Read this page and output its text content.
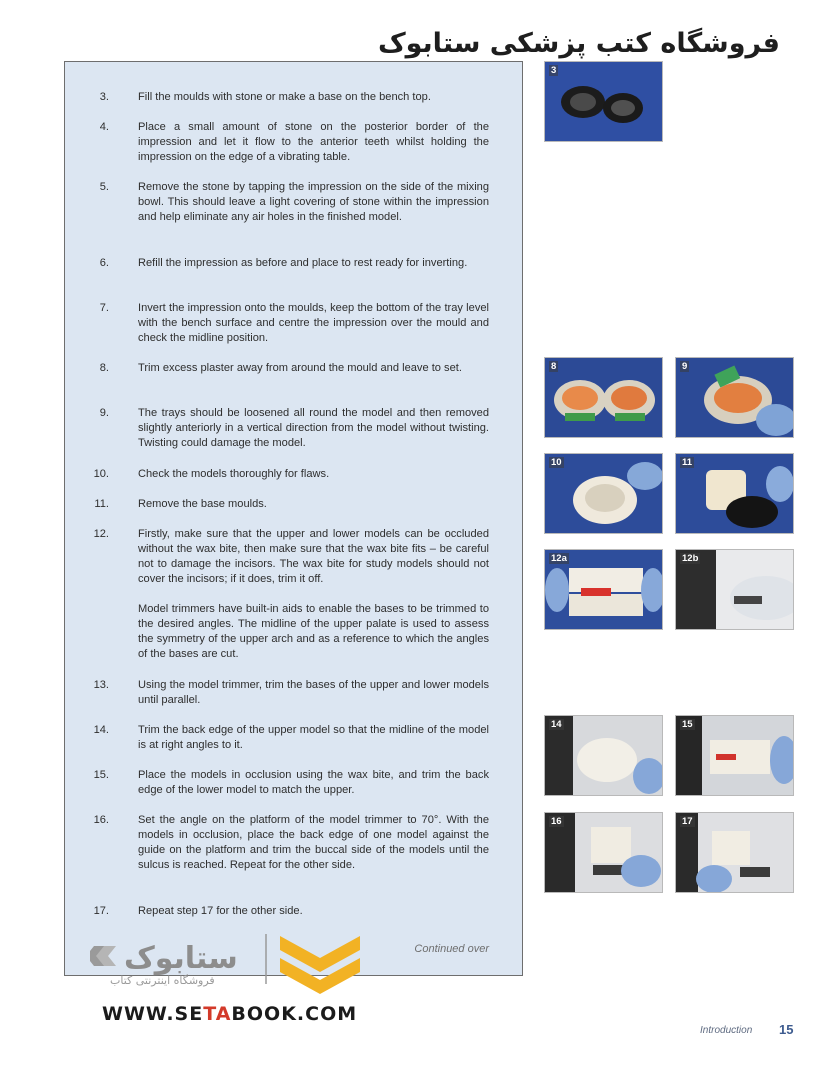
فروشگاه کتب پزشکی ستابوک
3.	Fill the moulds with stone or make a base on the bench top.
4.	Place a small amount of stone on the posterior border of the impression and let it flow to the anterior teeth whilst holding the impression on the edge of a vibrating table.
5.	Remove the stone by tapping the impression on the side of the mixing bowl. This should leave a light covering of stone within the impression and help eliminate any air holes in the finished model.
6.	Refill the impression as before and place to rest ready for inverting.
7.	Invert the impression onto the moulds, keep the bottom of the tray level with the bench surface and centre the impression over the mould and check the midline position.
8.	Trim excess plaster away from around the mould and leave to set.
9.	The trays should be loosened all round the model and then removed slightly anteriorly in a vertical direction from the model without twisting. Twisting could damage the model.
10.	Check the models thoroughly for flaws.
11.	Remove the base moulds.
12.	Firstly, make sure that the upper and lower models can be occluded without the wax bite, then make sure that the wax bite fits – be careful not to damage the incisors. The wax bite for study models should not cover the incisors; if it does, trim it off.
Model trimmers have built-in aids to enable the bases to be trimmed to the desired angles. The midline of the upper palate is used to assess the symmetry of the upper arch and as a reference to which the angles of the bases are cut.
13.	Using the model trimmer, trim the bases of the upper and lower models until parallel.
14.	Trim the back edge of the upper model so that the midline of the model is at right angles to it.
15.	Place the models in occlusion using the wax bite, and trim the back edge of the lower model to match the upper.
16.	Set the angle on the platform of the model trimmer to 70°. With the models in occlusion, place the back edge of one model against the guide on the platform and trim the buccal side of the models until the sulcus is reached. Repeat for the other side.
17.	Repeat step 17 for the other side.
Continued over
3
8	9
10	11
12a	12b
14	15
16	17
ستابوک
فروشگاه اینترنتی کتاب
WWW.SETABOOK.COM
Introduction 15
